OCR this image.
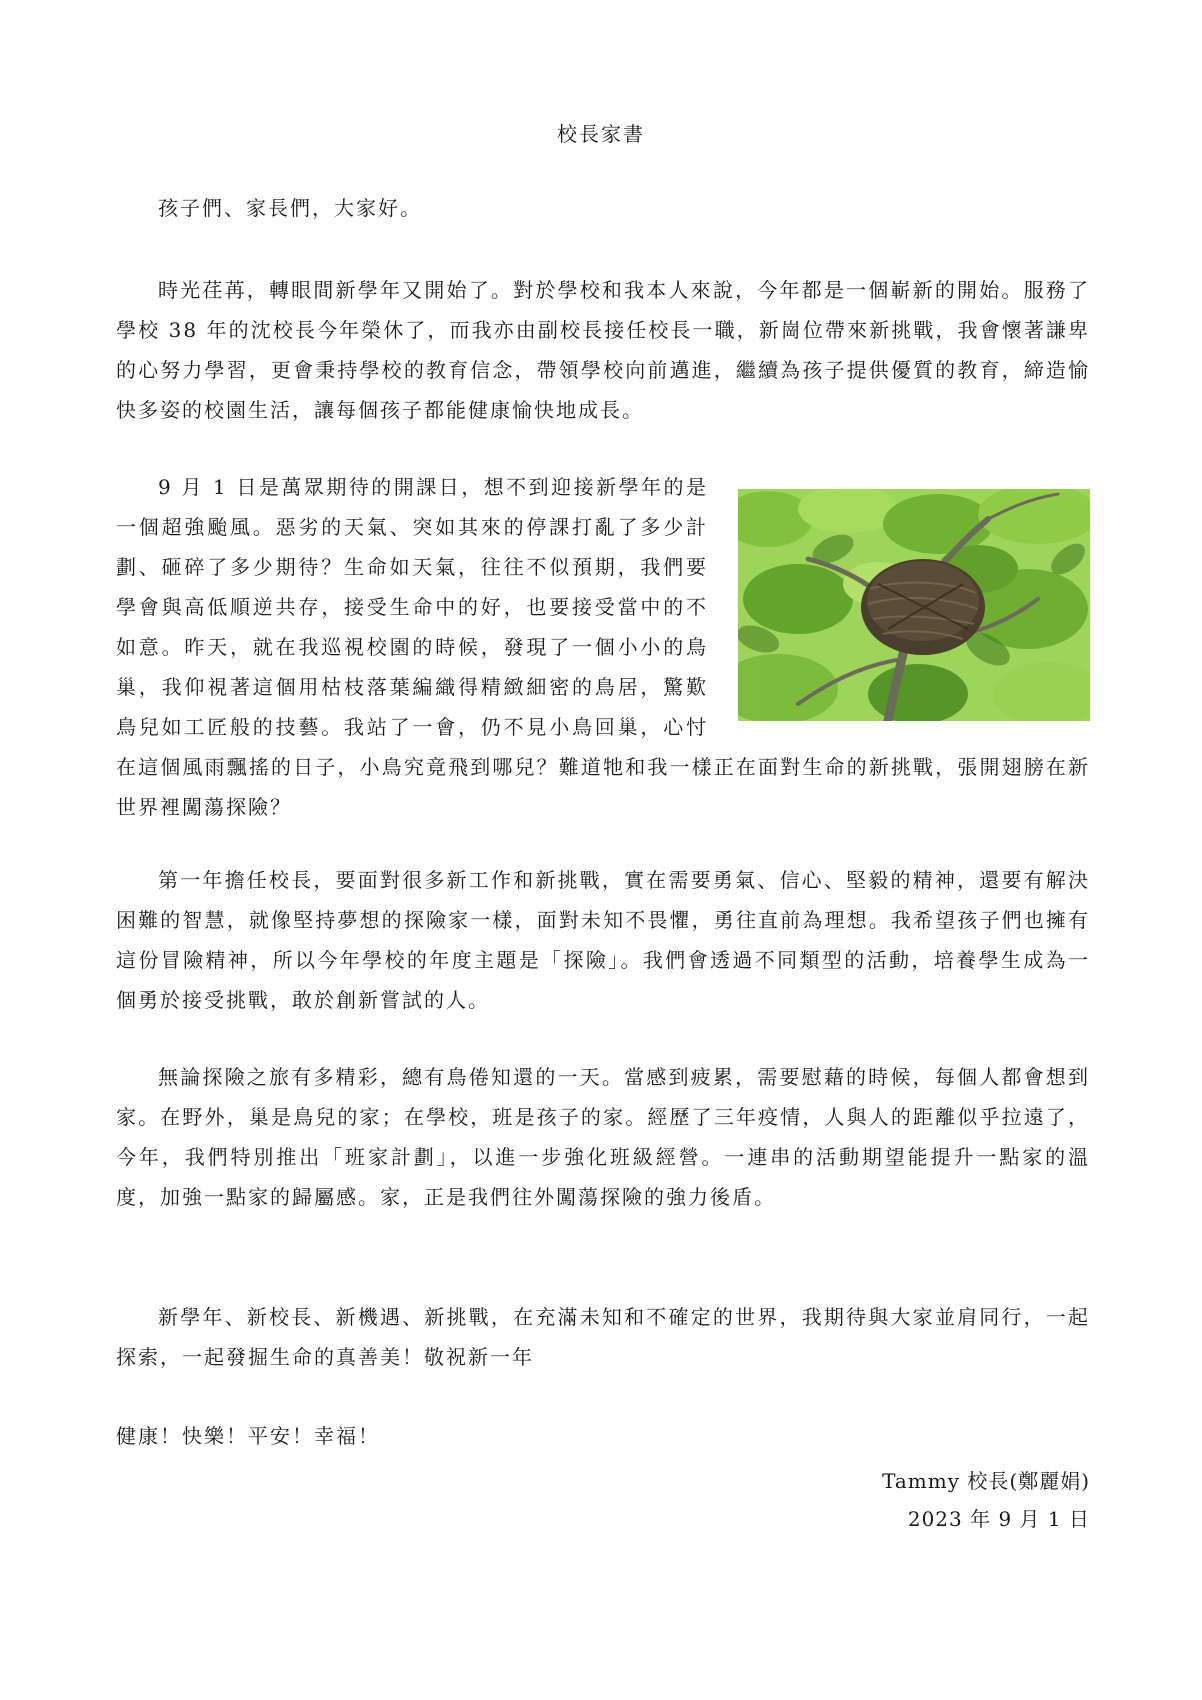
校長家書

孩子們、家長們，大家好。

時光荏苒，轉眼間新學年又開始了。對於學校和我本人來說，今年都是一個嶄新的開始。服務了學校 38 年的沈校長今年榮休了，而我亦由副校長接任校長一職，新崗位帶來新挑戰，我會懷著謙卑的心努力學習，更會秉持學校的教育信念，帶領學校向前邁進，繼續為孩子提供優質的教育，締造愉快多姿的校園生活，讓每個孩子都能健康愉快地成長。

9 月 1 日是萬眾期待的開課日，想不到迎接新學年的是一個超強颱風。惡劣的天氣、突如其來的停課打亂了多少計劃、砸碎了多少期待？生命如天氣，往往不似預期，我們要學會與高低順逆共存，接受生命中的好，也要接受當中的不如意。昨天，就在我巡視校園的時候，發現了一個小小的鳥巢，我仰視著這個用枯枝落葉編織得精緻細密的鳥居，驚歎鳥兒如工匠般的技藝。我站了一會，仍不見小鳥回巢，心忖在這個風雨飄搖的日子，小鳥究竟飛到哪兒？難道牠和我一樣正在面對生命的新挑戰，張開翅膀在新世界裡闖蕩探險？

第一年擔任校長，要面對很多新工作和新挑戰，實在需要勇氣、信心、堅毅的精神，還要有解決困難的智慧，就像堅持夢想的探險家一樣，面對未知不畏懼，勇往直前為理想。我希望孩子們也擁有這份冒險精神，所以今年學校的年度主題是「探險」。我們會透過不同類型的活動，培養學生成為一個勇於接受挑戰，敢於創新嘗試的人。

無論探險之旅有多精彩，總有鳥倦知還的一天。當感到疲累，需要慰藉的時候，每個人都會想到家。在野外，巢是鳥兒的家；在學校，班是孩子的家。經歷了三年疫情，人與人的距離似乎拉遠了，今年，我們特別推出「班家計劃」，以進一步強化班級經營。一連串的活動期望能提升一點家的溫度，加強一點家的歸屬感。家，正是我們往外闖蕩探險的強力後盾。

新學年、新校長、新機遇、新挑戰，在充滿未知和不確定的世界，我期待與大家並肩同行，一起探索，一起發掘生命的真善美！敬祝新一年

健康！快樂！平安！幸福！

Tammy 校長(鄭麗娟)
2023 年 9 月 1 日
